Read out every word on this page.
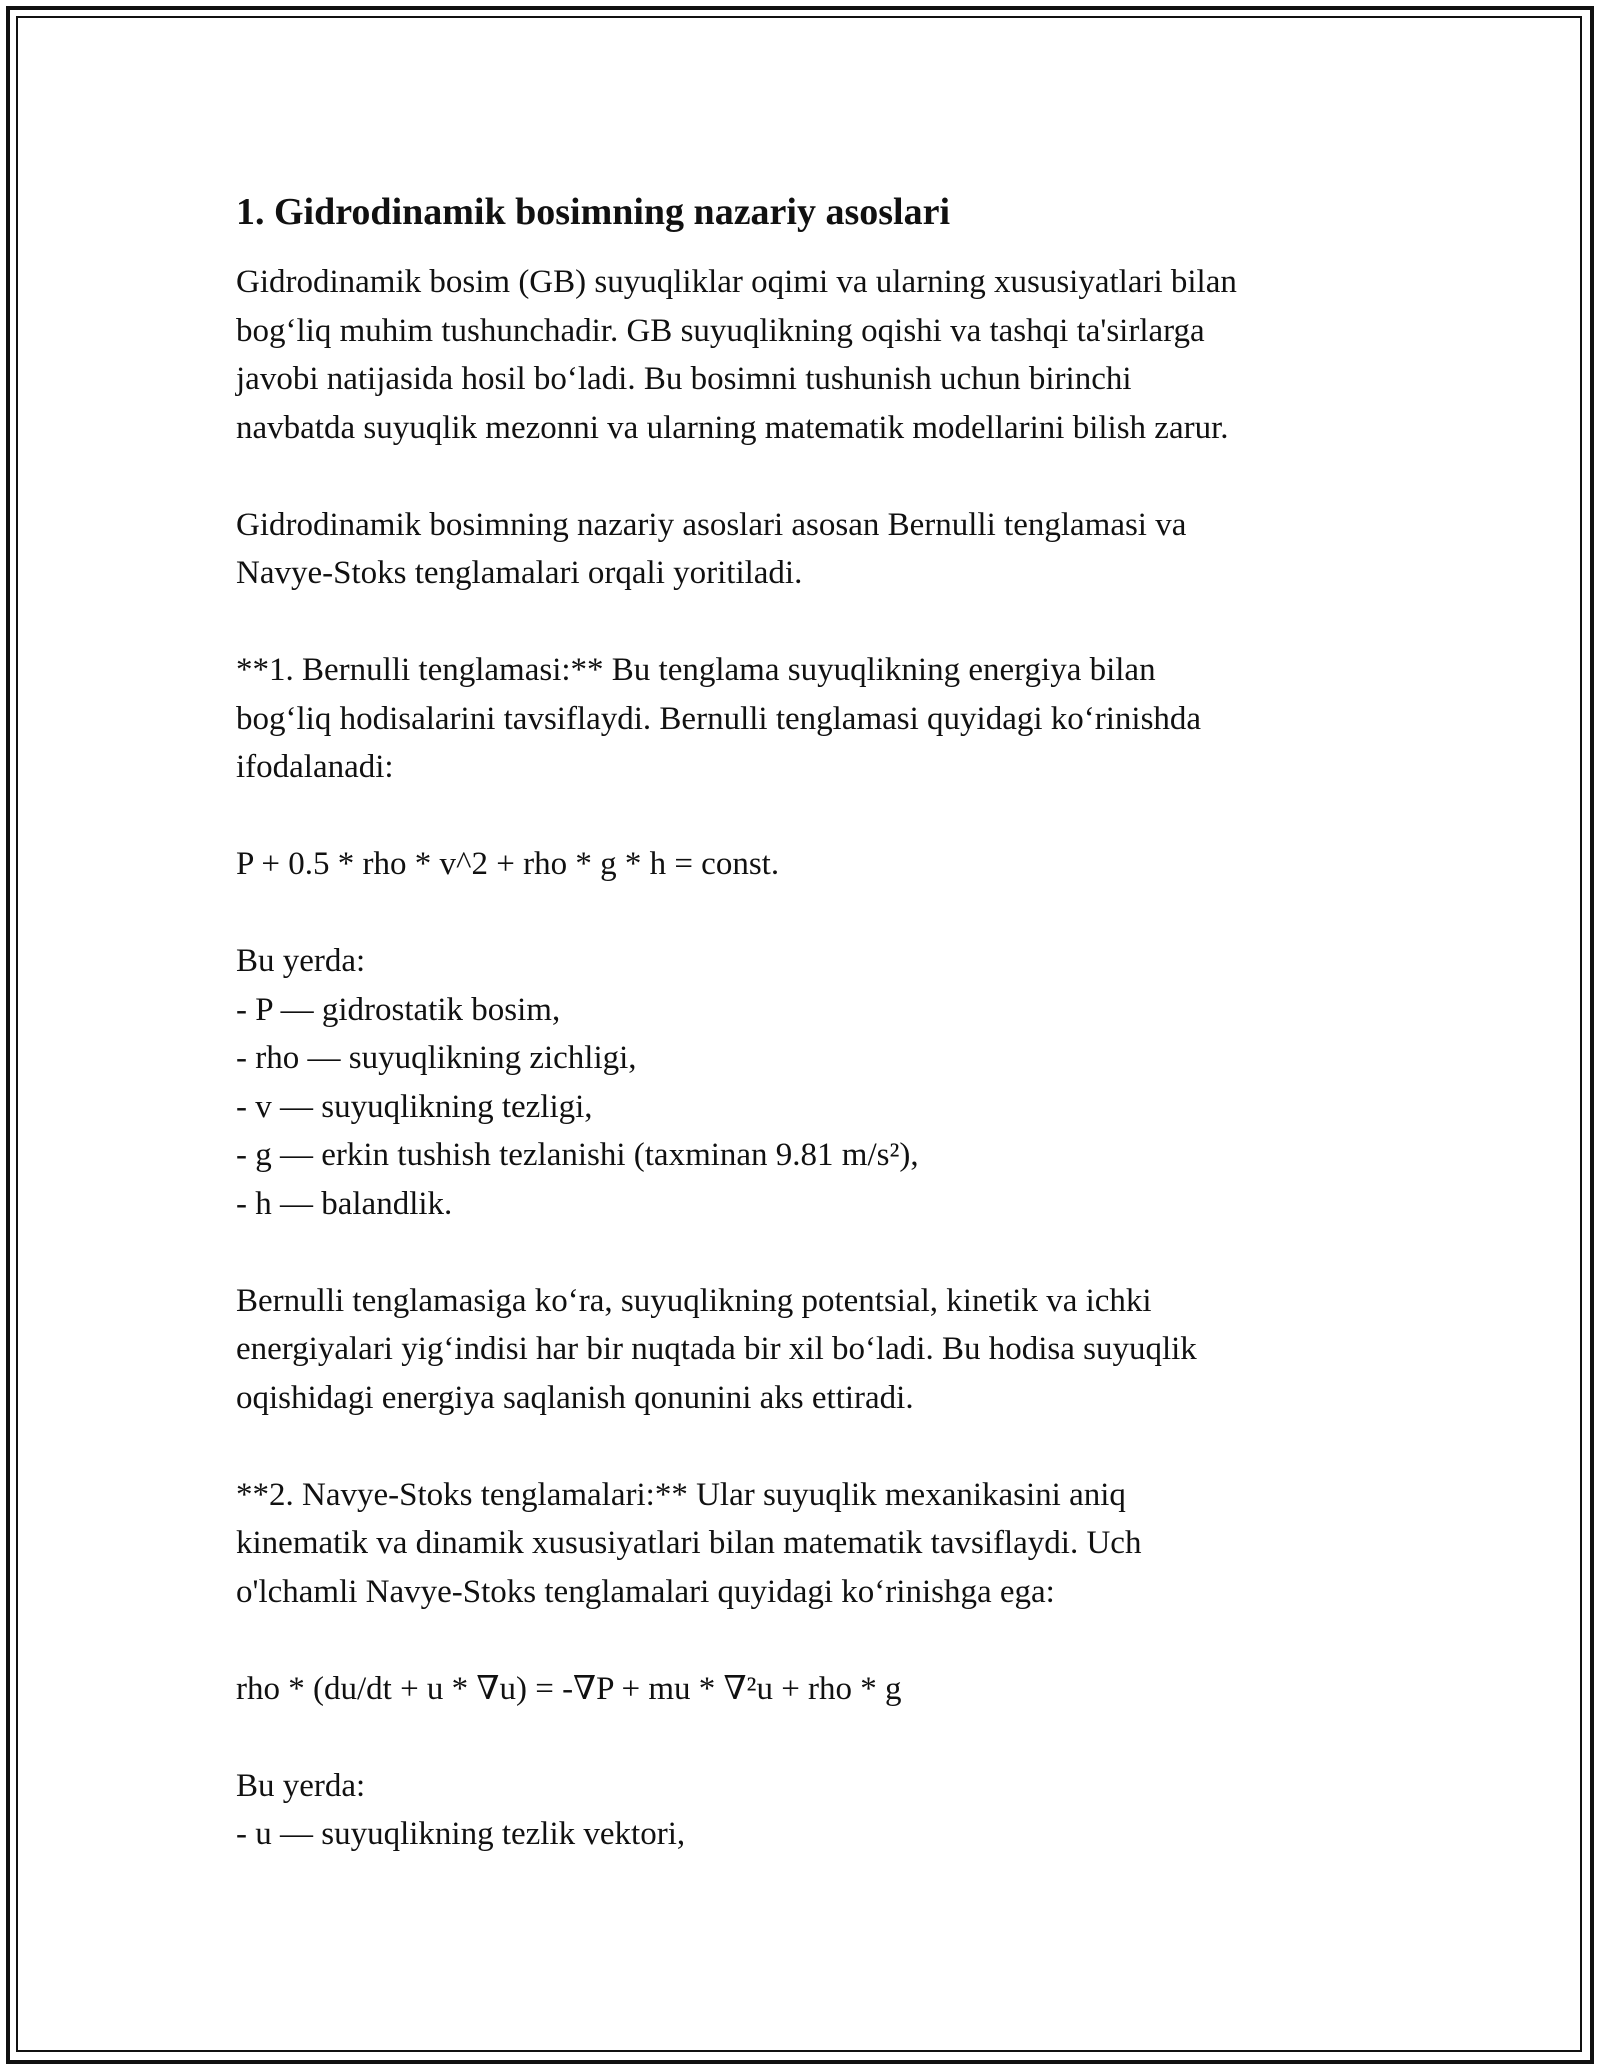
1. Gidrodinamik bosimning nazariy asoslari

Gidrodinamik bosim (GB) suyuqliklar oqimi va ularning xususiyatlari bilan
bog‘liq muhim tushunchadir. GB suyuqlikning oqishi va tashqi ta'sirlarga
javobi natijasida hosil bo‘ladi. Bu bosimni tushunish uchun birinchi
navbatda suyuqlik mezonni va ularning matematik modellarini bilish zarur.

Gidrodinamik bosimning nazariy asoslari asosan Bernulli tenglamasi va
Navye-Stoks tenglamalari orqali yoritiladi.

**1. Bernulli tenglamasi:** Bu tenglama suyuqlikning energiya bilan
bog‘liq hodisalarini tavsiflaydi. Bernulli tenglamasi quyidagi ko‘rinishda
ifodalanadi:

P + 0.5 * rho * v^2 + rho * g * h = const.

Bu yerda:

- P — gidrostatik bosim,
- rho — suyuqlikning zichligi,
- v — suyuqlikning tezligi,
- g — erkin tushish tezlanishi (taxminan 9.81 m/s²),
- h — balandlik.

Bernulli tenglamasiga ko‘ra, suyuqlikning potentsial, kinetik va ichki
energiyalari yig‘indisi har bir nuqtada bir xil bo‘ladi. Bu hodisa suyuqlik
oqishidagi energiya saqlanish qonunini aks ettiradi.

**2. Navye-Stoks tenglamalari:** Ular suyuqlik mexanikasini aniq
kinematik va dinamik xususiyatlari bilan matematik tavsiflaydi. Uch
o'lchamli Navye-Stoks tenglamalari quyidagi ko‘rinishga ega:

rho * (du/dt + u * ∇u) = -∇P + mu * ∇²u + rho * g

Bu yerda:

- u — suyuqlikning tezlik vektori,
